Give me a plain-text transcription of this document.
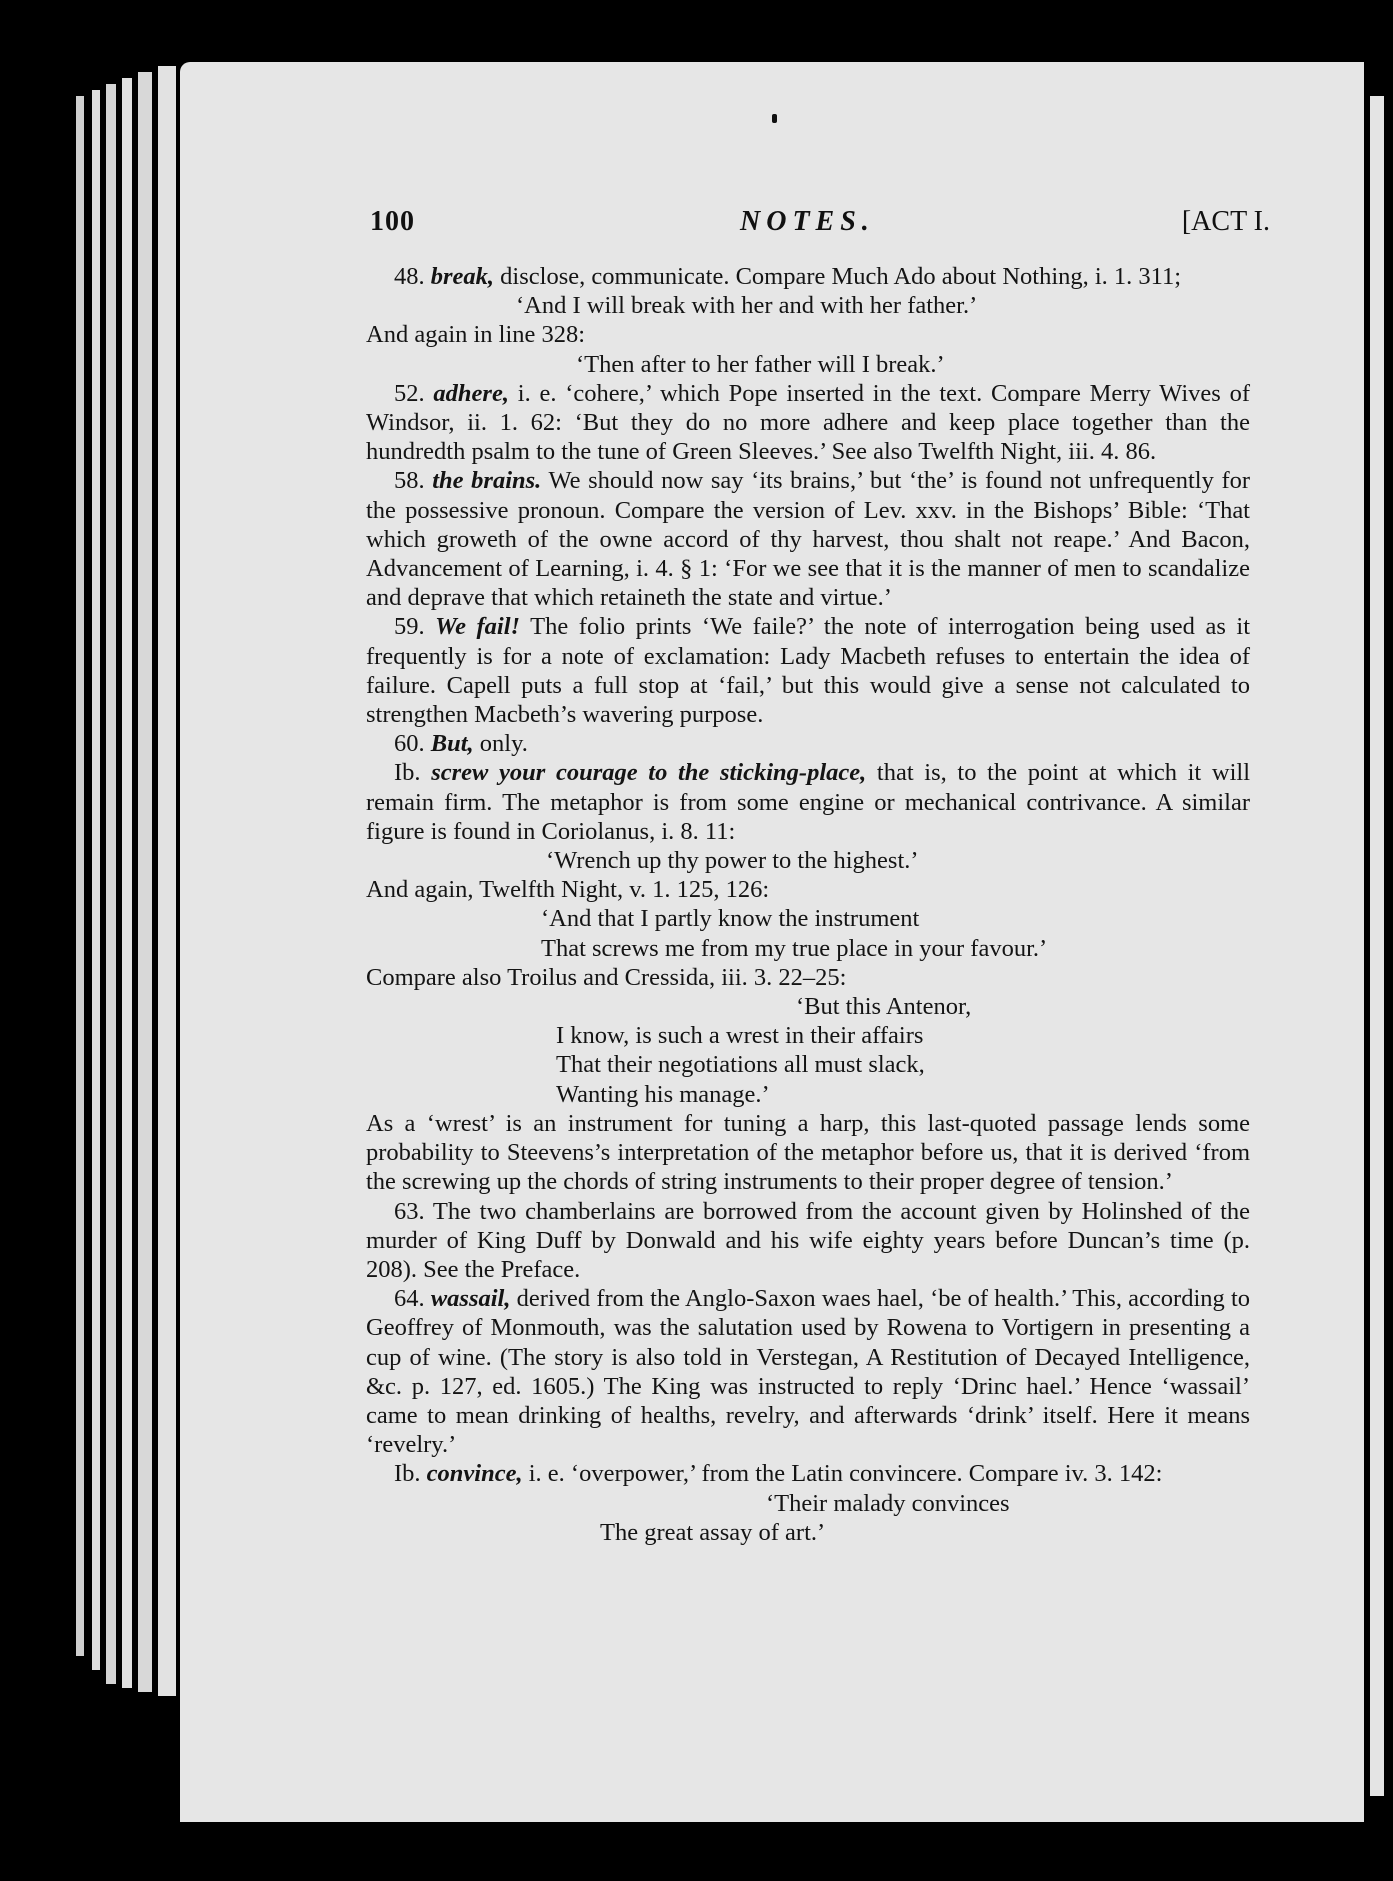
100	NOTES.	[ACT I.

48. break, disclose, communicate. Compare Much Ado about Nothing, i. 1. 311;

‘And I will break with her and with her father.’

And again in line 328:

‘Then after to her father will I break.’

52. adhere, i. e. ‘cohere,’ which Pope inserted in the text. Compare Merry Wives of Windsor, ii. 1. 62: ‘But they do no more adhere and keep place together than the hundredth psalm to the tune of Green Sleeves.’ See also Twelfth Night, iii. 4. 86.

58. the brains. We should now say ‘its brains,’ but ‘the’ is found not unfrequently for the possessive pronoun. Compare the version of Lev. xxv. in the Bishops’ Bible: ‘That which groweth of the owne accord of thy harvest, thou shalt not reape.’ And Bacon, Advancement of Learning, i. 4. § 1: ‘For we see that it is the manner of men to scandalize and deprave that which retaineth the state and virtue.’

59. We fail! The folio prints ‘We faile?’ the note of interrogation being used as it frequently is for a note of exclamation: Lady Macbeth refuses to entertain the idea of failure. Capell puts a full stop at ‘fail,’ but this would give a sense not calculated to strengthen Macbeth’s wavering purpose.

60. But, only.

Ib. screw your courage to the sticking-place, that is, to the point at which it will remain firm. The metaphor is from some engine or mechanical contrivance. A similar figure is found in Coriolanus, i. 8. 11:

‘Wrench up thy power to the highest.’

And again, Twelfth Night, v. 1. 125, 126:

‘And that I partly know the instrument

That screws me from my true place in your favour.’

Compare also Troilus and Cressida, iii. 3. 22–25:

‘But this Antenor,

I know, is such a wrest in their affairs

That their negotiations all must slack,

Wanting his manage.’

As a ‘wrest’ is an instrument for tuning a harp, this last-quoted passage lends some probability to Steevens’s interpretation of the metaphor before us, that it is derived ‘from the screwing up the chords of string instruments to their proper degree of tension.’

63. The two chamberlains are borrowed from the account given by Holinshed of the murder of King Duff by Donwald and his wife eighty years before Duncan’s time (p. 208). See the Preface.

64. wassail, derived from the Anglo-Saxon waes hael, ‘be of health.’ This, according to Geoffrey of Monmouth, was the salutation used by Rowena to Vortigern in presenting a cup of wine. (The story is also told in Verstegan, A Restitution of Decayed Intelligence, &c. p. 127, ed. 1605.) The King was instructed to reply ‘Drinc hael.’ Hence ‘wassail’ came to mean drinking of healths, revelry, and afterwards ‘drink’ itself. Here it means ‘revelry.’

Ib. convince, i. e. ‘overpower,’ from the Latin convincere. Compare iv. 3. 142:

‘Their malady convinces

The great assay of art.’
